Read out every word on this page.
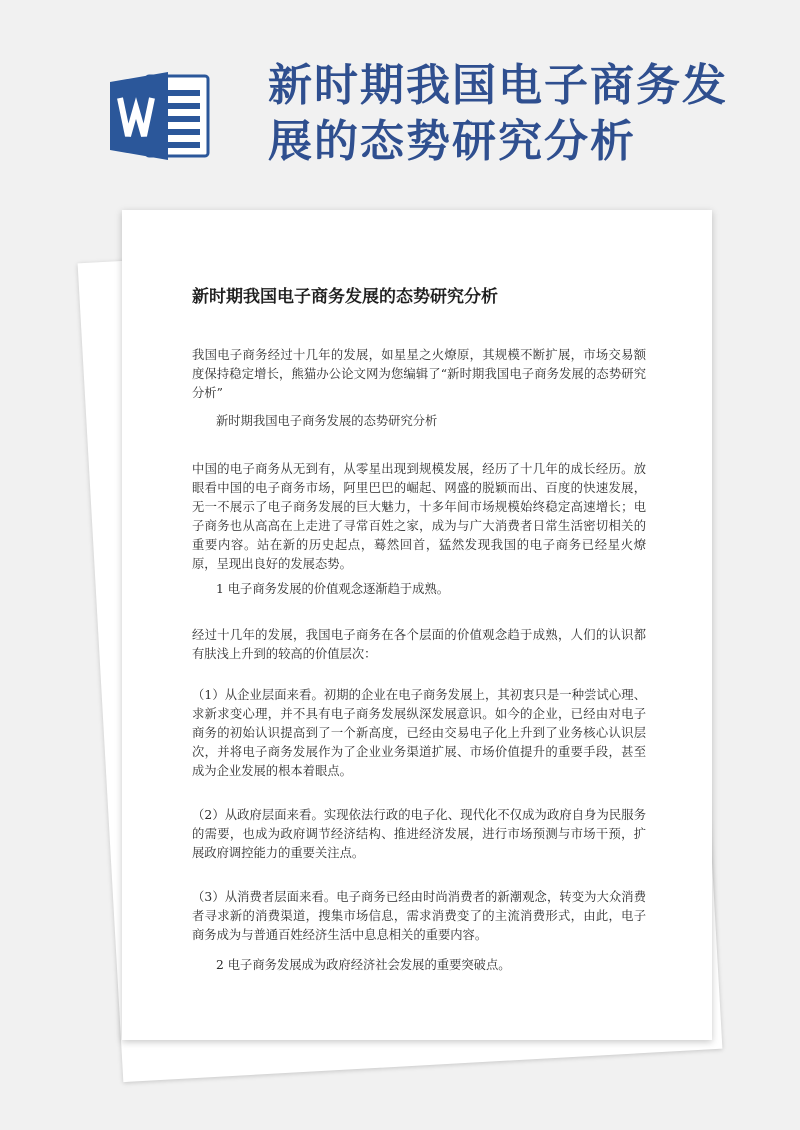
新时期我国电子商务发展的态势研究分析
新时期我国电子商务发展的态势研究分析

我国电子商务经过十几年的发展，如星星之火燎原，其规模不断扩展，市场交易额度保持稳定增长，熊猫办公论文网为您编辑了“新时期我国电子商务发展的态势研究分析”

新时期我国电子商务发展的态势研究分析

中国的电子商务从无到有，从零星出现到规模发展，经历了十几年的成长经历。放眼看中国的电子商务市场，阿里巴巴的崛起、网盛的脱颖而出、百度的快速发展，无一不展示了电子商务发展的巨大魅力，十多年间市场规模始终稳定高速增长；电子商务也从高高在上走进了寻常百姓之家，成为与广大消费者日常生活密切相关的重要内容。站在新的历史起点，蓦然回首，猛然发现我国的电子商务已经星火燎原，呈现出良好的发展态势。

1 电子商务发展的价值观念逐渐趋于成熟。

经过十几年的发展，我国电子商务在各个层面的价值观念趋于成熟，人们的认识都有肤浅上升到的较高的价值层次：

（1）从企业层面来看。初期的企业在电子商务发展上，其初衷只是一种尝试心理、求新求变心理，并不具有电子商务发展纵深发展意识。如今的企业，已经由对电子商务的初始认识提高到了一个新高度，已经由交易电子化上升到了业务核心认识层次，并将电子商务发展作为了企业业务渠道扩展、市场价值提升的重要手段，甚至成为企业发展的根本着眼点。

（2）从政府层面来看。实现依法行政的电子化、现代化不仅成为政府自身为民服务的需要，也成为政府调节经济结构、推进经济发展，进行市场预测与市场干预，扩展政府调控能力的重要关注点。

（3）从消费者层面来看。电子商务已经由时尚消费者的新潮观念，转变为大众消费者寻求新的消费渠道，搜集市场信息，需求消费变了的主流消费形式，由此，电子商务成为与普通百姓经济生活中息息相关的重要内容。

2 电子商务发展成为政府经济社会发展的重要突破点。
